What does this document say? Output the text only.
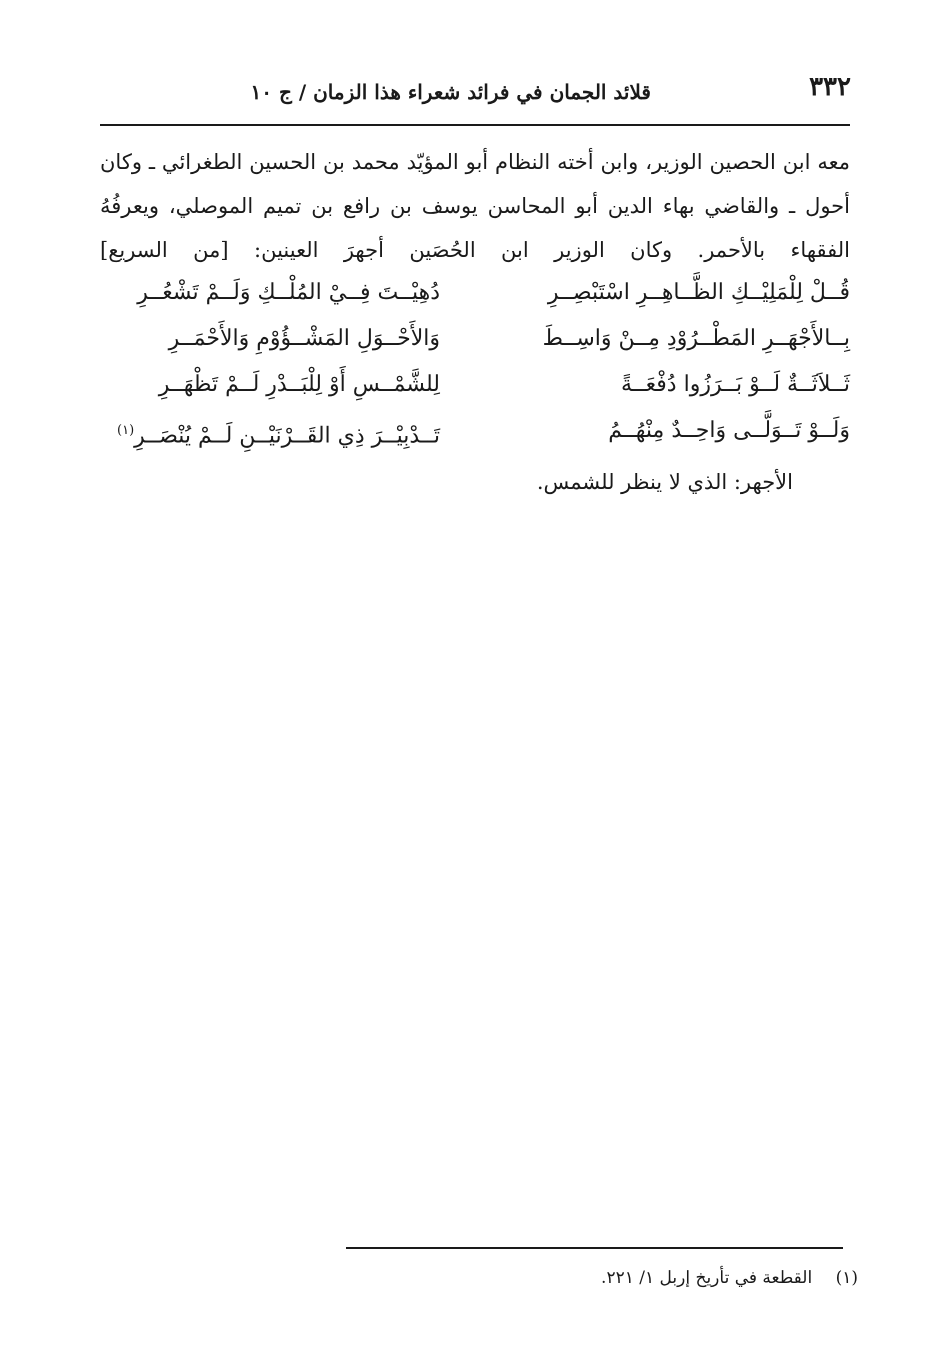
٣٣٢
قلائد الجمان في فرائد شعراء هذا الزمان / ج ١٠
معه ابن الحصين الوزير، وابن أخته النظام أبو المؤيّد محمد بن الحسين الطغرائي ـ وكان
أحول ـ والقاضي بهاء الدين أبو المحاسن يوسف بن رافع بن تميم الموصلي، ويعرفُهُ
الفقهاء بالأحمر. وكان الوزير ابن الحُصَين أجهرَ العينين: [من السريع]
قُــلْ لِلْمَلِيْــكِ الظَّــاهِــرِ اسْتَبْصِــرِ
دُهِيْــتَ فِــيْ المُلْــكِ وَلَــمْ تَشْعُــرِ
بِــالأَجْهَــرِ المَطْــرُوْدِ مِــنْ وَاسِــطَ
وَالأَحْــوَلِ المَشْــؤُوْمِ وَالأَحْمَــرِ
ثَــلاَثَــةٌ لَــوْ بَــرَزُوا دُفْعَــةً
لِلشَّمْــسِ أَوْ لِلْبَــدْرِ لَــمْ تَظْهَــرِ
وَلَــوْ تَــوَلَّــى وَاحِــدٌ مِنْهُــمُ
تَــدْبِيْــرَ ذِي القَــرْنَيْــنِ لَــمْ يُنْصَــرِ$^{(١)}$
الأجهر: الذي لا ينظر للشمس.
(١) القطعة في تأريخ إربل ١/ ٢٢١.
